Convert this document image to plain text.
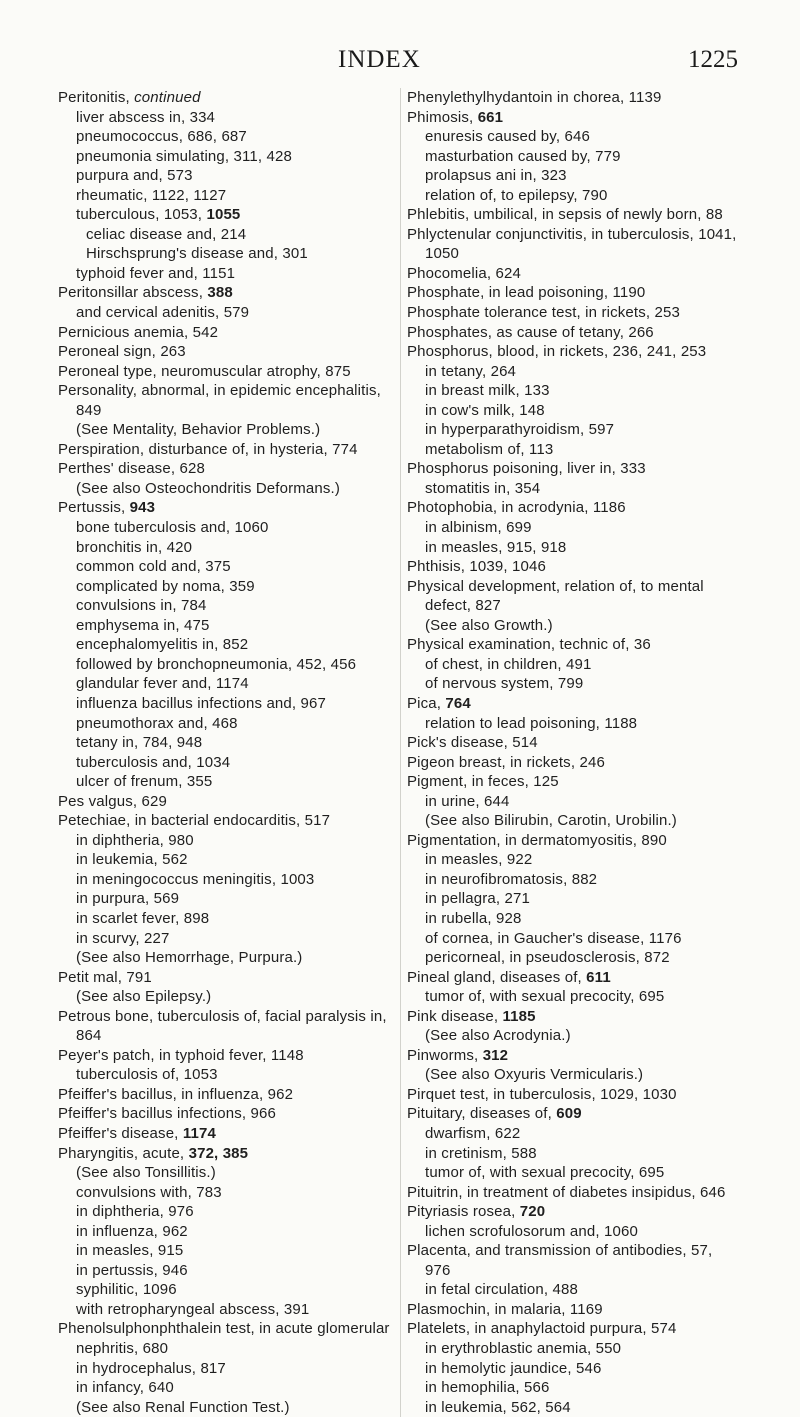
INDEX	1225
Peritonitis, continued
liver abscess in, 334
pneumococcus, 686, 687
pneumonia simulating, 311, 428
purpura and, 573
rheumatic, 1122, 1127
tuberculous, 1053, 1055
celiac disease and, 214
Hirschsprung's disease and, 301
typhoid fever and, 1151
Peritonsillar abscess, 388
and cervical adenitis, 579
Pernicious anemia, 542
Peroneal sign, 263
Peroneal type, neuromuscular atrophy, 875
Personality, abnormal, in epidemic encephalitis,
849
(See Mentality, Behavior Problems.)
Perspiration, disturbance of, in hysteria, 774
Perthes' disease, 628
(See also Osteochondritis Deformans.)
Pertussis, 943
bone tuberculosis and, 1060
bronchitis in, 420
common cold and, 375
complicated by noma, 359
convulsions in, 784
emphysema in, 475
encephalomyelitis in, 852
followed by bronchopneumonia, 452, 456
glandular fever and, 1174
influenza bacillus infections and, 967
pneumothorax and, 468
tetany in, 784, 948
tuberculosis and, 1034
ulcer of frenum, 355
Pes valgus, 629
Petechiae, in bacterial endocarditis, 517
in diphtheria, 980
in leukemia, 562
in meningococcus meningitis, 1003
in purpura, 569
in scarlet fever, 898
in scurvy, 227
(See also Hemorrhage, Purpura.)
Petit mal, 791
(See also Epilepsy.)
Petrous bone, tuberculosis of, facial paralysis in,
864
Peyer's patch, in typhoid fever, 1148
tuberculosis of, 1053
Pfeiffer's bacillus, in influenza, 962
Pfeiffer's bacillus infections, 966
Pfeiffer's disease, 1174
Pharyngitis, acute, 372, 385
(See also Tonsillitis.)
convulsions with, 783
in diphtheria, 976
in influenza, 962
in measles, 915
in pertussis, 946
syphilitic, 1096
with retropharyngeal abscess, 391
Phenolsulphonphthalein test, in acute glomerular
nephritis, 680
in hydrocephalus, 817
in infancy, 640
(See also Renal Function Test.)
Phenylethylhydantoin in chorea, 1139
Phimosis, 661
enuresis caused by, 646
masturbation caused by, 779
prolapsus ani in, 323
relation of, to epilepsy, 790
Phlebitis, umbilical, in sepsis of newly born, 88
Phlyctenular conjunctivitis, in tuberculosis, 1041,
1050
Phocomelia, 624
Phosphate, in lead poisoning, 1190
Phosphate tolerance test, in rickets, 253
Phosphates, as cause of tetany, 266
Phosphorus, blood, in rickets, 236, 241, 253
in tetany, 264
in breast milk, 133
in cow's milk, 148
in hyperparathyroidism, 597
metabolism of, 113
Phosphorus poisoning, liver in, 333
stomatitis in, 354
Photophobia, in acrodynia, 1186
in albinism, 699
in measles, 915, 918
Phthisis, 1039, 1046
Physical development, relation of, to mental
defect, 827
(See also Growth.)
Physical examination, technic of, 36
of chest, in children, 491
of nervous system, 799
Pica, 764
relation to lead poisoning, 1188
Pick's disease, 514
Pigeon breast, in rickets, 246
Pigment, in feces, 125
in urine, 644
(See also Bilirubin, Carotin, Urobilin.)
Pigmentation, in dermatomyositis, 890
in measles, 922
in neurofibromatosis, 882
in pellagra, 271
in rubella, 928
of cornea, in Gaucher's disease, 1176
pericorneal, in pseudosclerosis, 872
Pineal gland, diseases of, 611
tumor of, with sexual precocity, 695
Pink disease, 1185
(See also Acrodynia.)
Pinworms, 312
(See also Oxyuris Vermicularis.)
Pirquet test, in tuberculosis, 1029, 1030
Pituitary, diseases of, 609
dwarfism, 622
in cretinism, 588
tumor of, with sexual precocity, 695
Pituitrin, in treatment of diabetes insipidus, 646
Pityriasis rosea, 720
lichen scrofulosorum and, 1060
Placenta, and transmission of antibodies, 57,
976
in fetal circulation, 488
Plasmochin, in malaria, 1169
Platelets, in anaphylactoid purpura, 574
in erythroblastic anemia, 550
in hemolytic jaundice, 546
in hemophilia, 566
in leukemia, 562, 564
